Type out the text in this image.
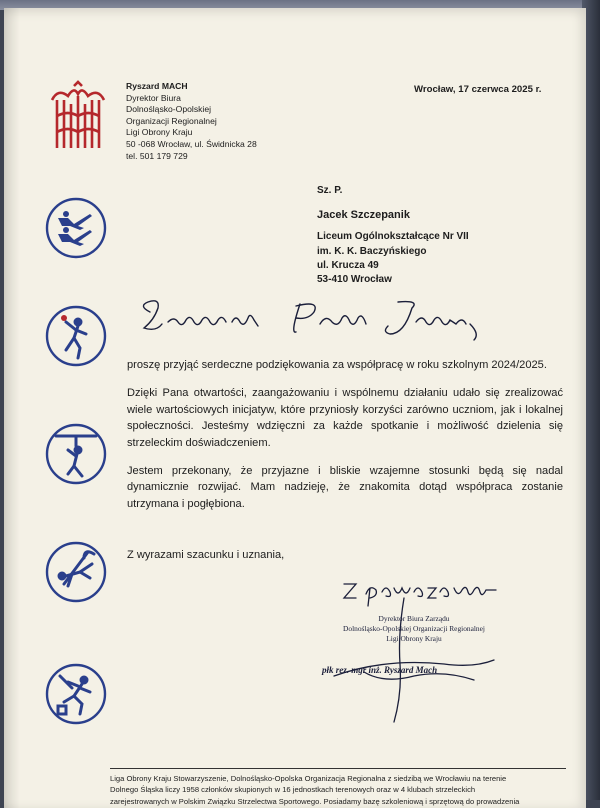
Ryszard MACH
Dyrektor Biura
Dolnośląsko-Opolskiej
Organizacji Regionalnej
Ligi Obrony Kraju
50 -068 Wrocław, ul. Świdnicka 28
tel. 501 179 729
Wrocław, 17 czerwca 2025 r.
Sz. P.
Jacek Szczepanik
Liceum Ogólnokształcące Nr VII
im. K. K. Baczyńskiego
ul. Krucza 49
53-410 Wrocław

proszę przyjąć serdeczne podziękowania za współpracę w roku szkolnym 2024/2025.

Dzięki Pana otwartości, zaangażowaniu i wspólnemu działaniu udało się zrealizować wiele wartościowych inicjatyw, które przyniosły korzyści zarówno uczniom, jak i lokalnej społeczności. Jesteśmy wdzięczni za każde spotkanie i możliwość dzielenia się strzeleckim doświadczeniem.

Jestem przekonany, że przyjazne i bliskie wzajemne stosunki będą się nadal dynamicznie rozwijać. Mam nadzieję, że znakomita dotąd współpraca zostanie utrzymana i pogłębiona.

Z wyrazami szacunku i uznania,
Dyrektor Biura Zarządu
Dolnośląsko-Opolskiej Organizacji Regionalnej
Ligi Obrony Kraju
płk rez. mgr inż. Ryszard Mach
Liga Obrony Kraju Stowarzyszenie, Dolnośląsko-Opolska Organizacja Regionalna z siedzibą we Wrocławiu na terenie
Dolnego Śląska liczy 1958 członków skupionych w 16 jednostkach terenowych oraz w 4 klubach strzeleckich
zarejestrowanych w Polskim Związku Strzelectwa Sportowego. Posiadamy bazę szkoleniową i sprzętową do prowadzenia
